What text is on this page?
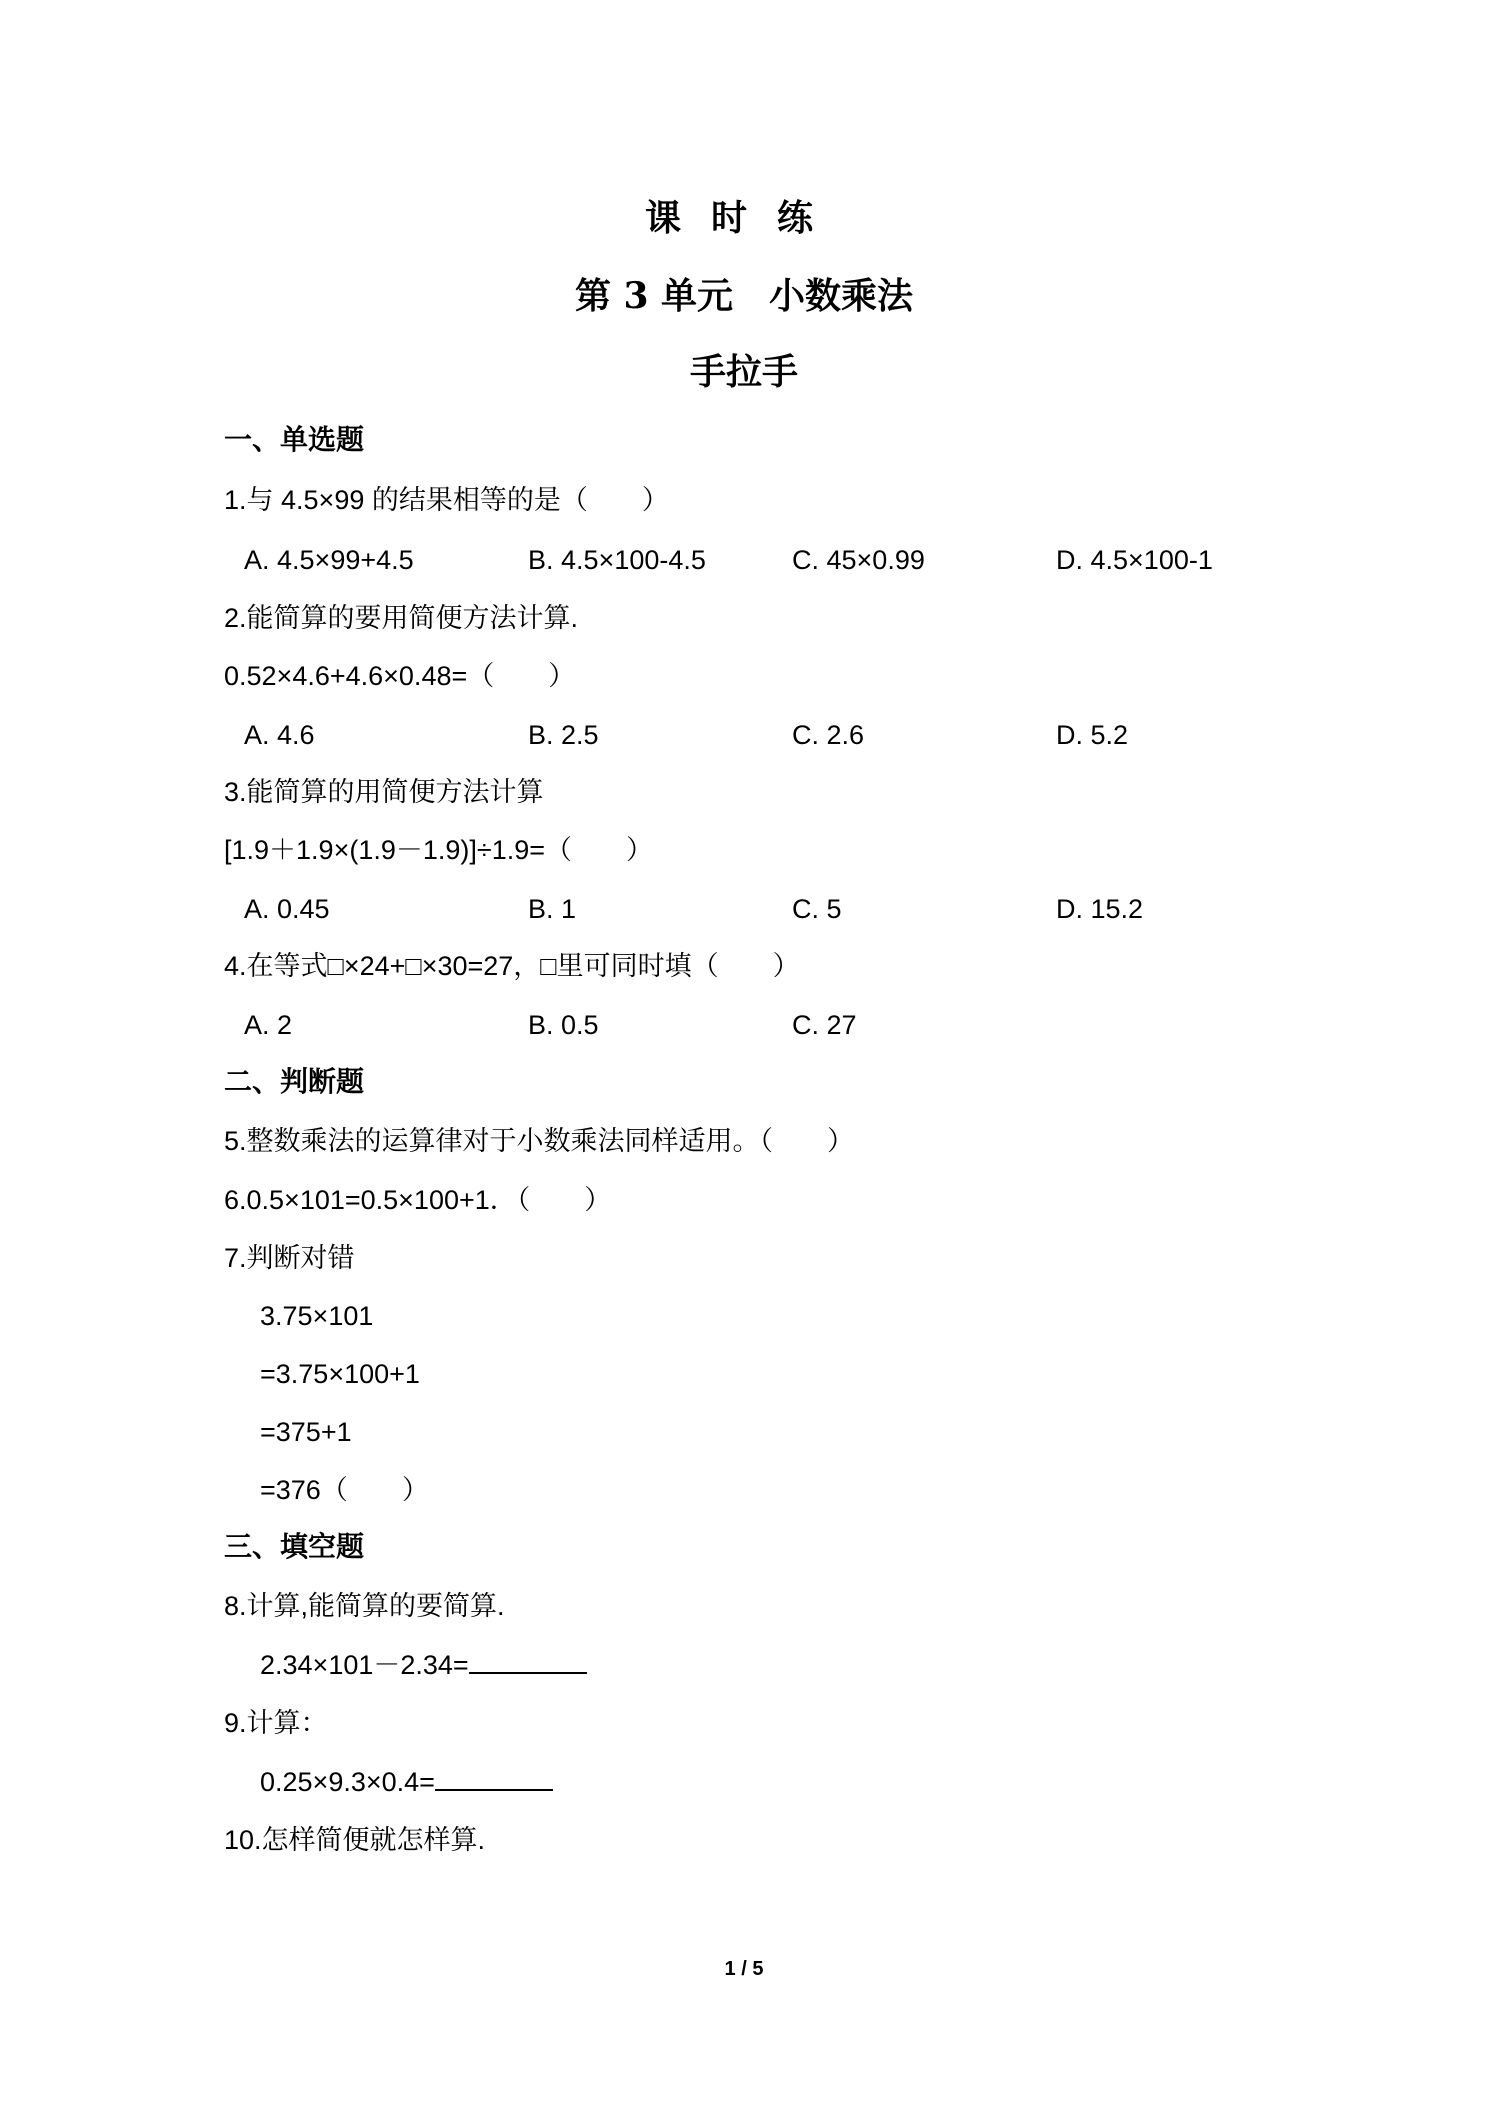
课时练
第 3 单元　小数乘法
手拉手
一、单选题
1.与 4.5×99 的结果相等的是（　　）
A. 4.5×99+4.5	B. 4.5×100-4.5	C. 45×0.99	D. 4.5×100-1
2.能简算的要用简便方法计算.
0.52×4.6+4.6×0.48=（　　）
A. 4.6	B. 2.5	C. 2.6	D. 5.2
3.能简算的用简便方法计算
[1.9＋1.9×(1.9－1.9)]÷1.9=（　　）
A. 0.45	B. 1	C. 5	D. 15.2
4.在等式□×24+□×30=27，□里可同时填（　　）
A. 2	B. 0.5	C. 27
二、判断题
5.整数乘法的运算律对于小数乘法同样适用。（　　）
6.0.5×101=0.5×100+1．（　　）
7.判断对错
3.75×101
=3.75×100+1
=375+1
=376（　　）
三、填空题
8.计算,能简算的要简算.
2.34×101－2.34=
9.计算：
0.25×9.3×0.4=
10.怎样简便就怎样算.
1 / 5
